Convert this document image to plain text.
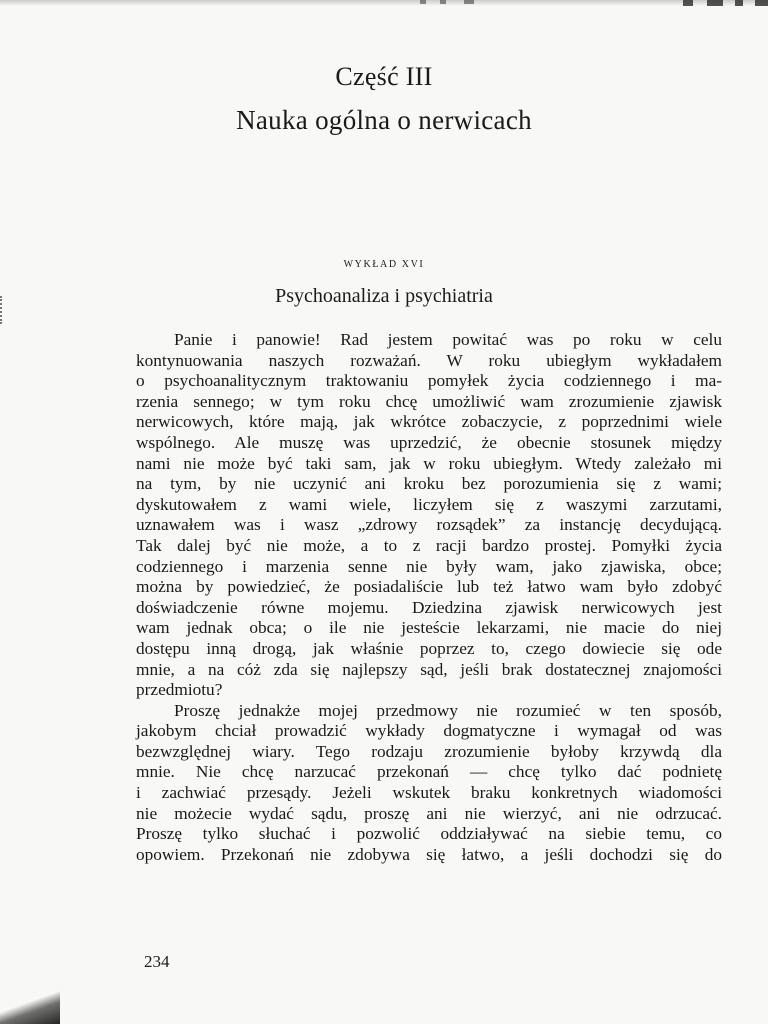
Część III
Nauka ogólna o nerwicach
WYKŁAD XVI
Psychoanaliza i psychiatria
Panie i panowie! Rad jestem powitać was po roku w celu
kontynuowania naszych rozważań. W roku ubiegłym wykładałem
o psychoanalitycznym traktowaniu pomyłek życia codziennego i ma-
rzenia sennego; w tym roku chcę umożliwić wam zrozumienie zjawisk
nerwicowych, które mają, jak wkrótce zobaczycie, z poprzednimi wiele
wspólnego. Ale muszę was uprzedzić, że obecnie stosunek między
nami nie może być taki sam, jak w roku ubiegłym. Wtedy zależało mi
na tym, by nie uczynić ani kroku bez porozumienia się z wami;
dyskutowałem z wami wiele, liczyłem się z waszymi zarzutami,
uznawałem was i wasz „zdrowy rozsądek” za instancję decydującą.
Tak dalej być nie może, a to z racji bardzo prostej. Pomyłki życia
codziennego i marzenia senne nie były wam, jako zjawiska, obce;
można by powiedzieć, że posiadaliście lub też łatwo wam było zdobyć
doświadczenie równe mojemu. Dziedzina zjawisk nerwicowych jest
wam jednak obca; o ile nie jesteście lekarzami, nie macie do niej
dostępu inną drogą, jak właśnie poprzez to, czego dowiecie się ode
mnie, a na cóż zda się najlepszy sąd, jeśli brak dostatecznej znajomości
przedmiotu?
Proszę jednakże mojej przedmowy nie rozumieć w ten sposób,
jakobym chciał prowadzić wykłady dogmatyczne i wymagał od was
bezwzględnej wiary. Tego rodzaju zrozumienie byłoby krzywdą dla
mnie. Nie chcę narzucać przekonań — chcę tylko dać podnietę
i zachwiać przesądy. Jeżeli wskutek braku konkretnych wiadomości
nie możecie wydać sądu, proszę ani nie wierzyć, ani nie odrzucać.
Proszę tylko słuchać i pozwolić oddziaływać na siebie temu, co
opowiem. Przekonań nie zdobywa się łatwo, a jeśli dochodzi się do
234
